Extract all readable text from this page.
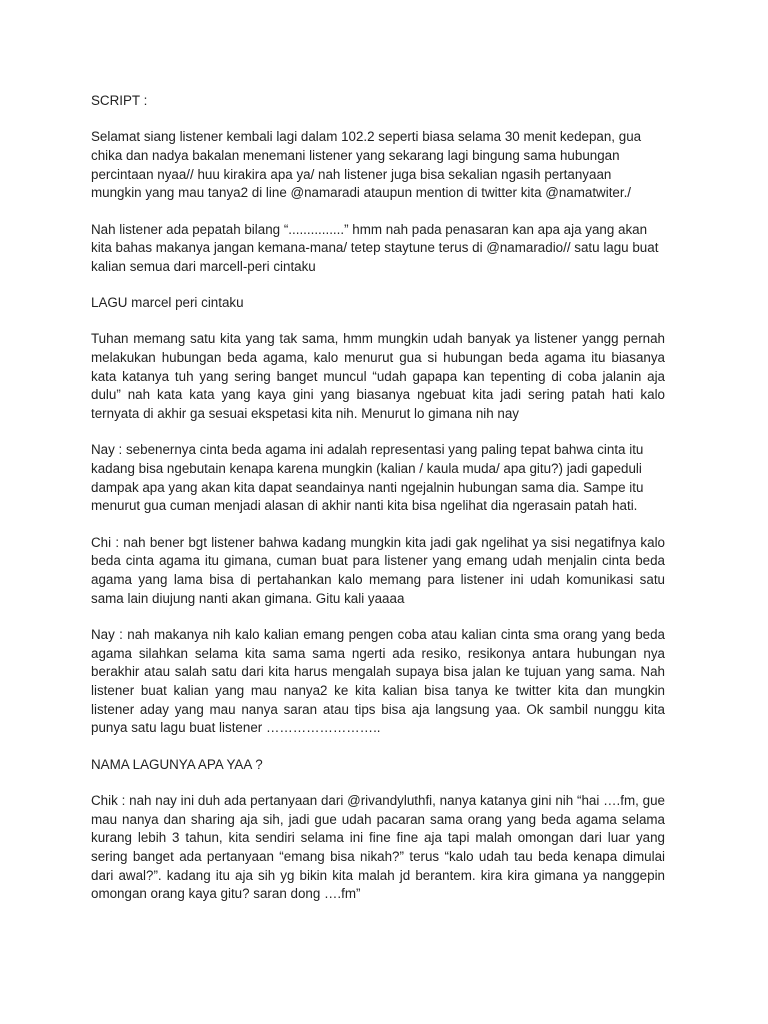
SCRIPT :

Selamat siang listener kembali lagi dalam 102.2 seperti biasa selama 30 menit kedepan, gua chika dan nadya bakalan menemani listener yang sekarang lagi bingung sama hubungan percintaan nyaa// huu kirakira apa ya/ nah listener juga bisa sekalian ngasih pertanyaan mungkin yang mau tanya2 di line @namaradi ataupun mention di twitter kita @namatwiter./

Nah listener ada pepatah bilang “...............” hmm nah pada penasaran kan apa aja yang akan kita bahas makanya jangan kemana-mana/ tetep staytune terus di @namaradio// satu lagu buat kalian semua dari marcell-peri cintaku

LAGU marcel peri cintaku

Tuhan memang satu kita yang tak sama, hmm mungkin udah banyak ya listener yangg pernah melakukan hubungan beda agama, kalo menurut gua si hubungan beda agama itu biasanya kata katanya tuh yang sering banget muncul “udah gapapa kan tepenting di coba jalanin aja dulu” nah kata kata yang kaya gini yang biasanya ngebuat kita jadi sering patah hati kalo ternyata di akhir ga sesuai ekspetasi kita nih. Menurut lo gimana nih nay

Nay : sebenernya cinta beda agama ini adalah representasi yang paling tepat bahwa cinta itu kadang bisa ngebutain kenapa karena mungkin (kalian / kaula muda/ apa gitu?) jadi gapeduli dampak apa yang akan kita dapat seandainya nanti ngejalnin hubungan sama dia. Sampe itu menurut gua cuman menjadi alasan di akhir nanti kita bisa ngelihat dia ngerasain patah hati.

Chi : nah bener bgt listener bahwa kadang mungkin kita jadi gak ngelihat ya sisi negatifnya kalo beda cinta agama itu gimana, cuman buat para listener yang emang udah menjalin cinta beda agama yang lama bisa di pertahankan kalo memang para listener ini udah komunikasi satu sama lain diujung nanti akan gimana. Gitu kali yaaaa

Nay : nah makanya nih kalo kalian emang pengen coba atau kalian cinta sma orang yang beda agama silahkan selama kita sama sama ngerti ada resiko, resikonya antara hubungan nya berakhir atau salah satu dari kita harus mengalah supaya bisa jalan ke tujuan yang sama. Nah listener buat kalian yang mau nanya2 ke kita kalian bisa tanya ke twitter kita dan mungkin listener aday yang mau nanya saran atau tips bisa aja langsung yaa. Ok sambil nunggu kita punya satu lagu buat listener ……………………..

NAMA LAGUNYA APA YAA ?

Chik : nah nay ini duh ada pertanyaan dari @rivandyluthfi, nanya katanya gini nih “hai ….fm, gue mau nanya dan sharing aja sih, jadi gue udah pacaran sama orang yang beda agama selama kurang lebih 3 tahun, kita sendiri selama ini fine fine aja tapi malah omongan dari luar yang sering banget ada pertanyaan “emang bisa nikah?” terus “kalo udah tau beda kenapa dimulai dari awal?”. kadang itu aja sih yg bikin kita malah jd berantem. kira kira gimana ya nanggepin omongan orang kaya gitu? saran dong ….fm”
